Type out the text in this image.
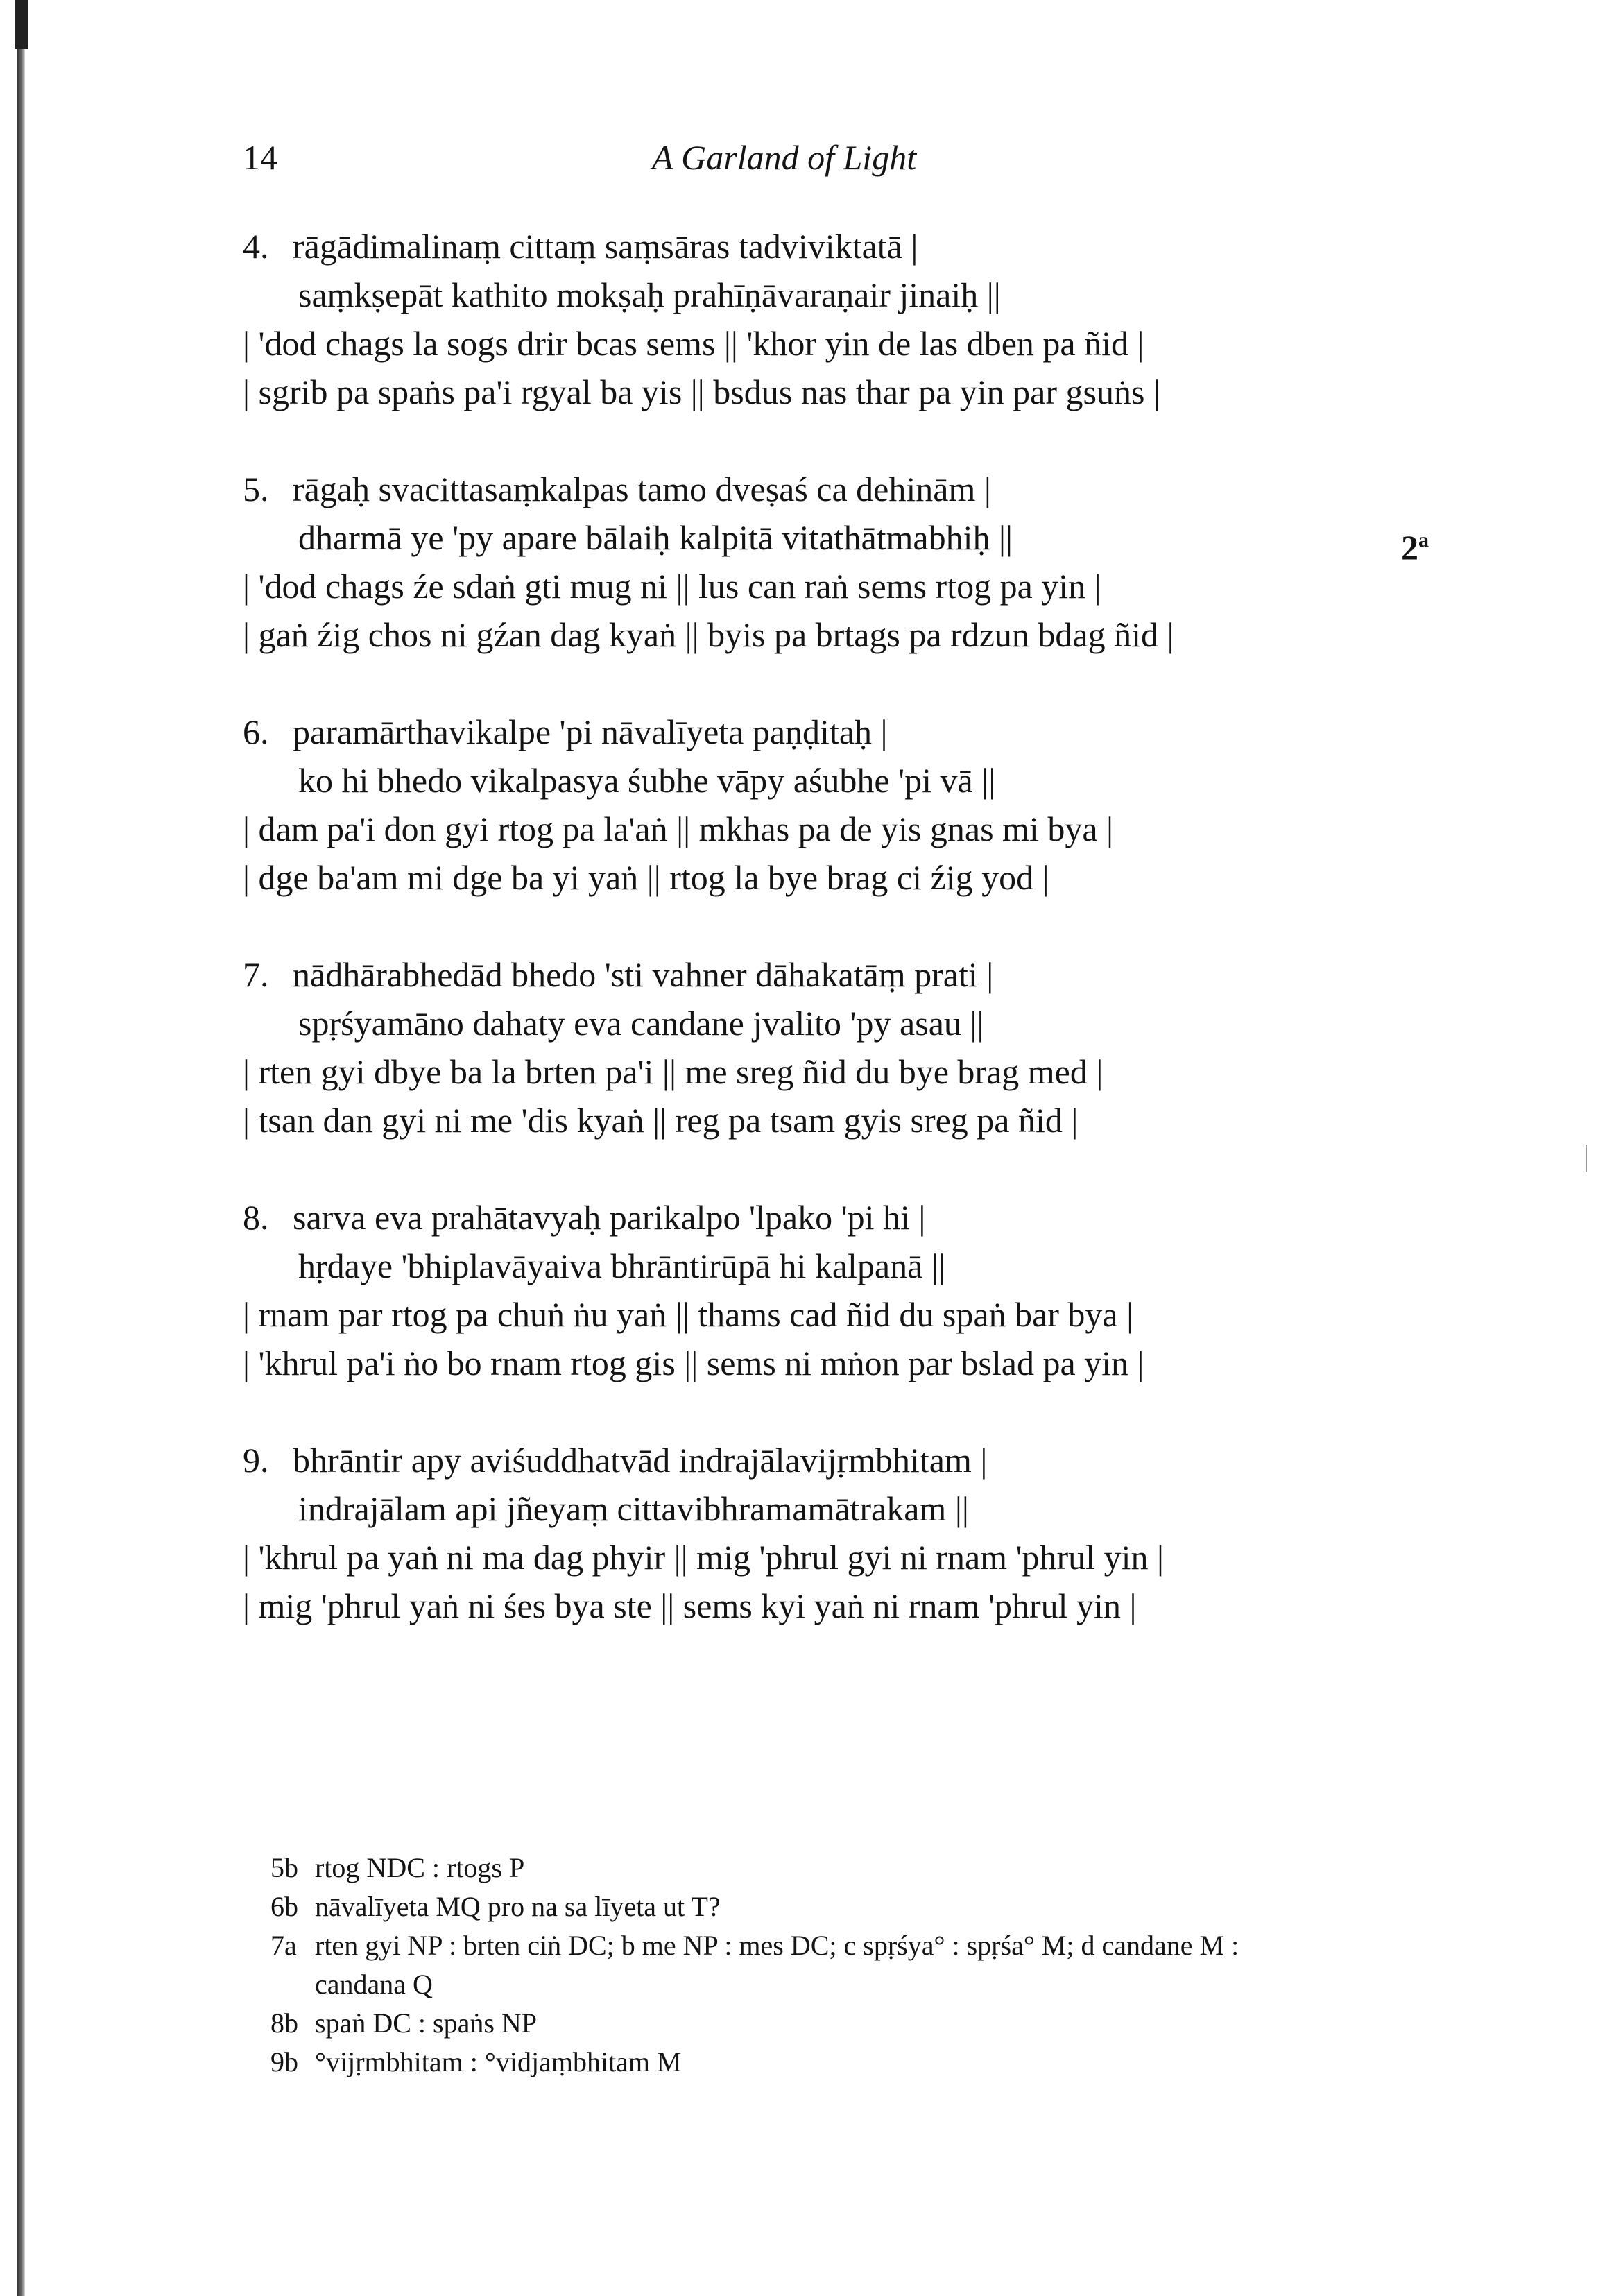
14	A Garland of Light
2$^a$
4. rāgādimalinaṃ cittaṃ saṃsāras tadviviktatā |
saṃkṣepāt kathito mokṣaḥ prahīṇāvaraṇair jinaiḥ ||
| 'dod chags la sogs drir bcas sems || 'khor yin de las dben pa ñid |
| sgrib pa spaṅs pa'i rgyal ba yis || bsdus nas thar pa yin par gsuṅs |
5. rāgaḥ svacittasaṃkalpas tamo dveṣaś ca dehinām |
dharmā ye 'py apare bālaiḥ kalpitā vitathātmabhiḥ ||
| 'dod chags źe sdaṅ gti mug ni || lus can raṅ sems rtog pa yin |
| gaṅ źig chos ni gźan dag kyaṅ || byis pa brtags pa rdzun bdag ñid |
6. paramārthavikalpe 'pi nāvalīyeta paṇḍitaḥ |
ko hi bhedo vikalpasya śubhe vāpy aśubhe 'pi vā ||
| dam pa'i don gyi rtog pa la'aṅ || mkhas pa de yis gnas mi bya |
| dge ba'am mi dge ba yi yaṅ || rtog la bye brag ci źig yod |
7. nādhārabhedād bhedo 'sti vahner dāhakatāṃ prati |
spṛśyamāno dahaty eva candane jvalito 'py asau ||
| rten gyi dbye ba la brten pa'i || me sreg ñid du bye brag med |
| tsan dan gyi ni me 'dis kyaṅ || reg pa tsam gyis sreg pa ñid |
8. sarva eva prahātavyaḥ parikalpo 'lpako 'pi hi |
hṛdaye 'bhiplavāyaiva bhrāntirūpā hi kalpanā ||
| rnam par rtog pa chuṅ ṅu yaṅ || thams cad ñid du spaṅ bar bya |
| 'khrul pa'i ṅo bo rnam rtog gis || sems ni mṅon par bslad pa yin |
9. bhrāntir apy aviśuddhatvād indrajālavijṛmbhitam |
indrajālam api jñeyaṃ cittavibhramamātrakam ||
| 'khrul pa yaṅ ni ma dag phyir || mig 'phrul gyi ni rnam 'phrul yin |
| mig 'phrul yaṅ ni śes bya ste || sems kyi yaṅ ni rnam 'phrul yin |
5b rtog NDC : rtogs P
6b nāvalīyeta MQ pro na sa līyeta ut T?
7a rten gyi NP : brten ciṅ DC; b me NP : mes DC; c spṛśya° : spṛśa° M; d candane M :
candana Q
8b spaṅ DC : spaṅs NP
9b °vijṛmbhitam : °vidjaṃbhitam M
